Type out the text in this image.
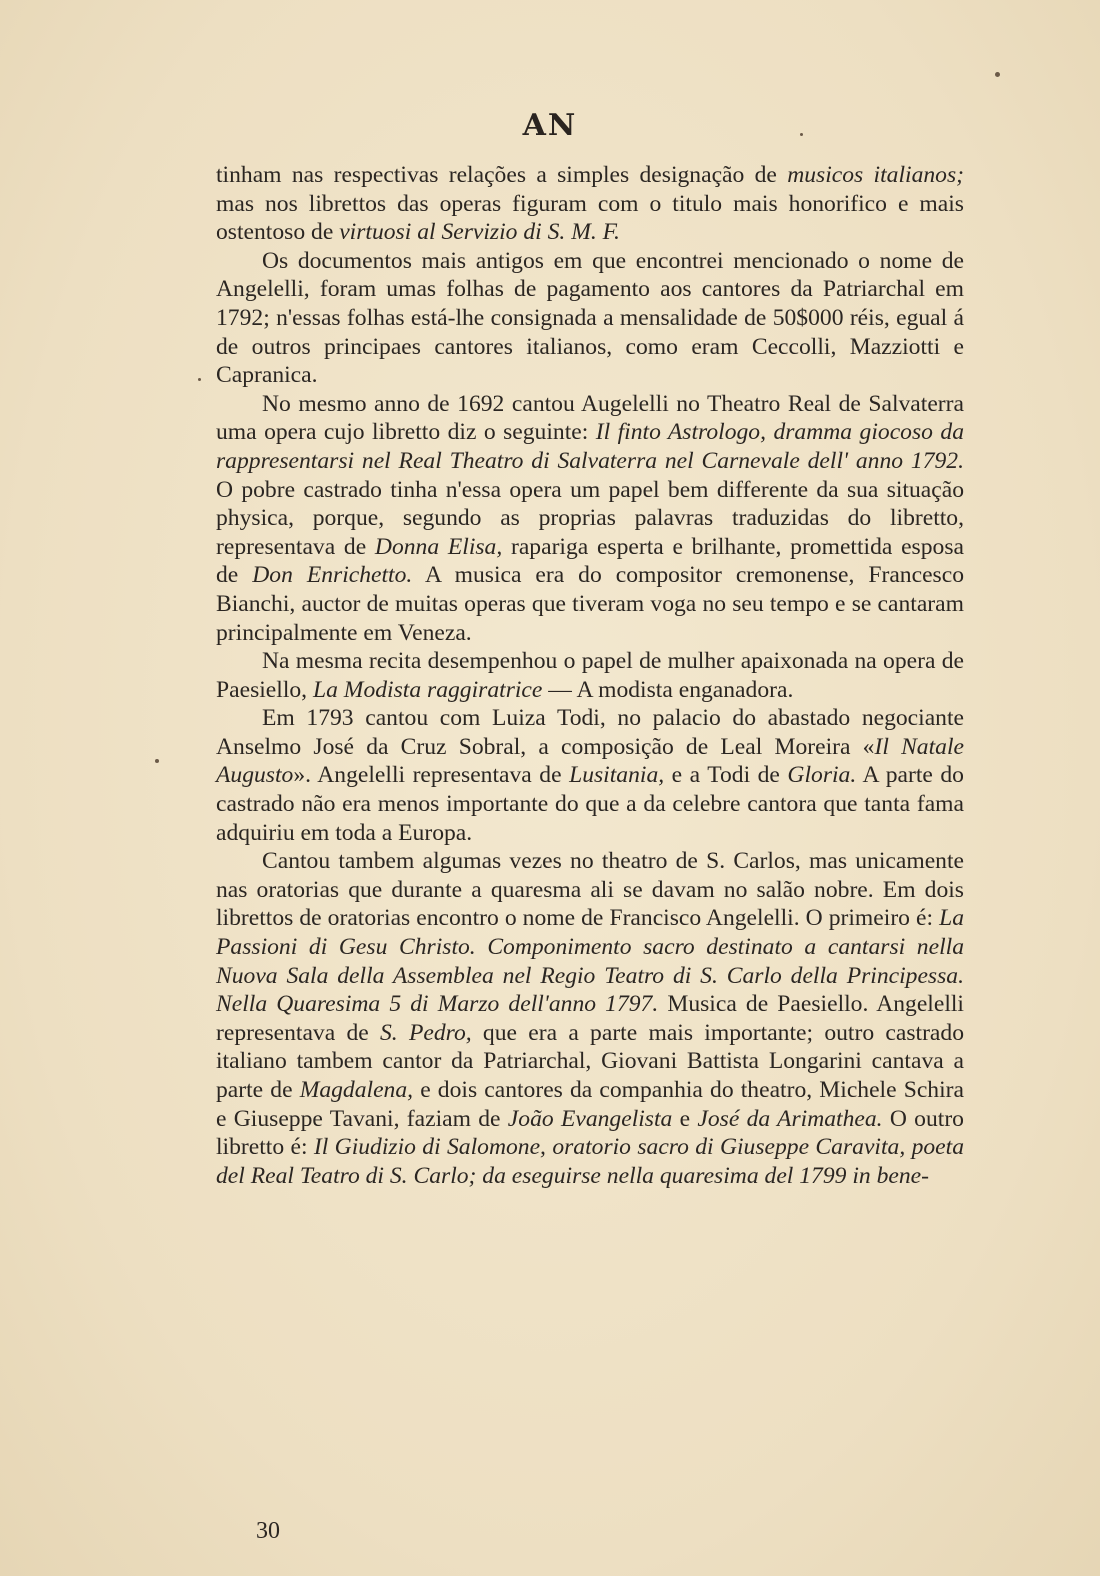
AN

tinham nas respectivas relações a simples designação de musicos italianos; mas nos librettos das operas figuram com o titulo mais honorifico e mais ostentoso de virtuosi al Servizio di S. M. F.

Os documentos mais antigos em que encontrei mencionado o nome de Angelelli, foram umas folhas de pagamento aos cantores da Patriarchal em 1792; n'essas folhas está-lhe consignada a mensalidade de 50$000 réis, egual á de outros principaes cantores italianos, como eram Ceccolli, Mazziotti e Capranica.

No mesmo anno de 1692 cantou Augelelli no Theatro Real de Salvaterra uma opera cujo libretto diz o seguinte: Il finto Astrologo, dramma giocoso da rappresentarsi nel Real Theatro di Salvaterra nel Carnevale dell' anno 1792. O pobre castrado tinha n'essa opera um papel bem differente da sua situação physica, porque, segundo as proprias palavras traduzidas do libretto, representava de Donna Elisa, rapariga esperta e brilhante, promettida esposa de Don Enrichetto. A musica era do compositor cremonense, Francesco Bianchi, auctor de muitas operas que tiveram voga no seu tempo e se cantaram principalmente em Veneza.

Na mesma recita desempenhou o papel de mulher apaixonada na opera de Paesiello, La Modista raggiratrice — A modista enganadora.

Em 1793 cantou com Luiza Todi, no palacio do abastado negociante Anselmo José da Cruz Sobral, a composição de Leal Moreira «Il Natale Augusto». Angelelli representava de Lusitania, e a Todi de Gloria. A parte do castrado não era menos importante do que a da celebre cantora que tanta fama adquiriu em toda a Europa.

Cantou tambem algumas vezes no theatro de S. Carlos, mas unicamente nas oratorias que durante a quaresma ali se davam no salão nobre. Em dois librettos de oratorias encontro o nome de Francisco Angelelli. O primeiro é: La Passioni di Gesu Christo. Componimento sacro destinato a cantarsi nella Nuova Sala della Assemblea nel Regio Teatro di S. Carlo della Principessa. Nella Quaresima 5 di Marzo dell'anno 1797. Musica de Paesiello. Angelelli representava de S. Pedro, que era a parte mais importante; outro castrado italiano tambem cantor da Patriarchal, Giovani Battista Longarini cantava a parte de Magdalena, e dois cantores da companhia do theatro, Michele Schira e Giuseppe Tavani, faziam de João Evangelista e José da Arimathea. O outro libretto é: Il Giudizio di Salomone, oratorio sacro di Giuseppe Caravita, poeta del Real Teatro di S. Carlo; da eseguirse nella quaresima del 1799 in bene-

30
